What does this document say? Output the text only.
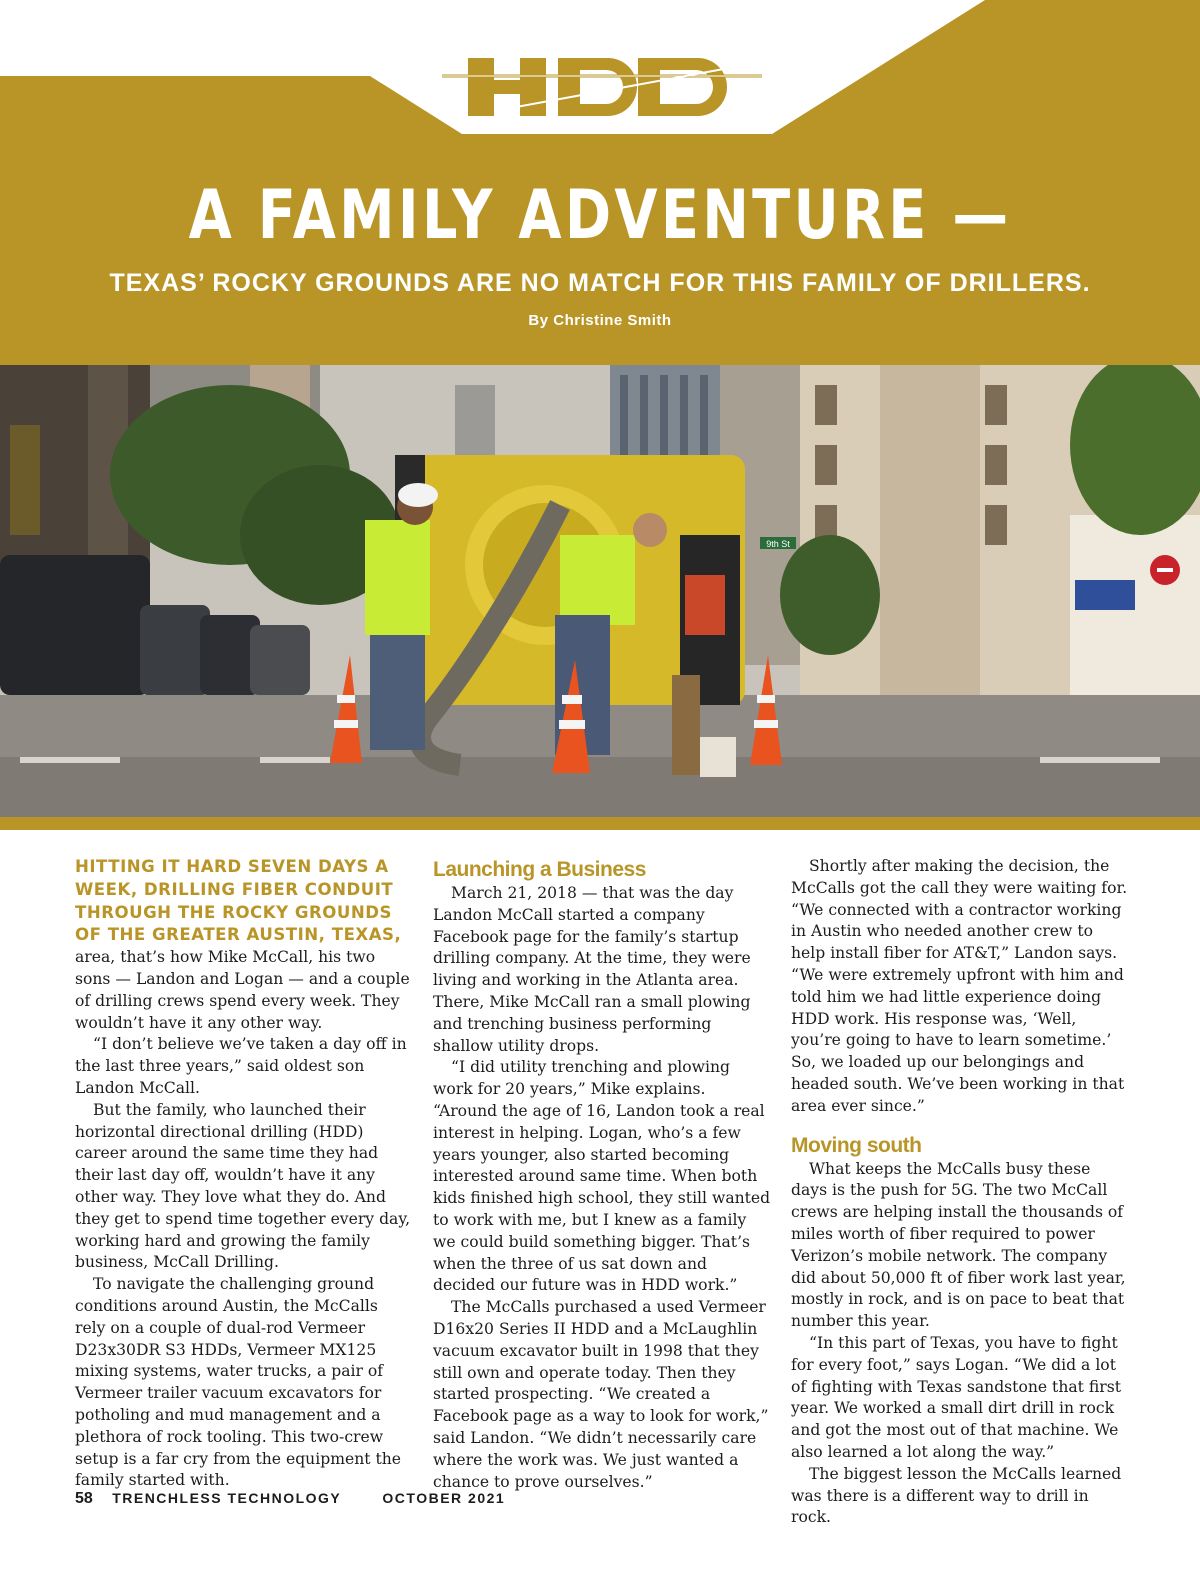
A FAMILY ADVENTURE —
TEXAS’ ROCKY GROUNDS ARE NO MATCH FOR THIS FAMILY OF DRILLERS.
By Christine Smith
9th St

HITTING IT HARD SEVEN DAYS A WEEK, DRILLING FIBER CONDUIT THROUGH THE ROCKY GROUNDS OF THE GREATER AUSTIN, TEXAS, area, that’s how Mike McCall, his two sons — Landon and Logan — and a couple of drilling crews spend every week. They wouldn’t have it any other way.

“I don’t believe we’ve taken a day off in the last three years,” said oldest son Landon McCall.

But the family, who launched their horizontal directional drilling (HDD) career around the same time they had their last day off, wouldn’t have it any other way. They love what they do. And they get to spend time together every day, working hard and growing the family business, McCall Drilling.

To navigate the challenging ground conditions around Austin, the McCalls rely on a couple of dual-rod Vermeer D23x30DR S3 HDDs, Vermeer MX125 mixing systems, water trucks, a pair of Vermeer trailer vacuum excavators for potholing and mud management and a plethora of rock tooling. This two-crew setup is a far cry from the equipment the family started with.

Launching a Business

March 21, 2018 — that was the day Landon McCall started a company Facebook page for the family’s startup drilling company. At the time, they were living and working in the Atlanta area. There, Mike McCall ran a small plowing and trenching business performing shallow utility drops.

“I did utility trenching and plowing work for 20 years,” Mike explains. “Around the age of 16, Landon took a real interest in helping. Logan, who’s a few years younger, also started becoming interested around same time. When both kids finished high school, they still wanted to work with me, but I knew as a family we could build something bigger. That’s when the three of us sat down and decided our future was in HDD work.”

The McCalls purchased a used Vermeer D16x20 Series II HDD and a McLaughlin vacuum excavator built in 1998 that they still own and operate today. Then they started prospecting. “We created a Facebook page as a way to look for work,” said Landon. “We didn’t necessarily care where the work was. We just wanted a chance to prove ourselves.”

Shortly after making the decision, the McCalls got the call they were waiting for. “We connected with a contractor working in Austin who needed another crew to help install fiber for AT&T,” Landon says. “We were extremely upfront with him and told him we had little experience doing HDD work. His response was, ‘Well, you’re going to have to learn sometime.’ So, we loaded up our belongings and headed south. We’ve been working in that area ever since.”

Moving south

What keeps the McCalls busy these days is the push for 5G. The two McCall crews are helping install the thousands of miles worth of fiber required to power Verizon’s mobile network. The company did about 50,000 ft of fiber work last year, mostly in rock, and is on pace to beat that number this year.

“In this part of Texas, you have to fight for every foot,” says Logan. “We did a lot of fighting with Texas sandstone that first year. We worked a small dirt drill in rock and got the most out of that machine. We also learned a lot along the way.”

The biggest lesson the McCalls learned was there is a different way to drill in rock.

58 TRENCHLESS TECHNOLOGY	OCTOBER 2021
